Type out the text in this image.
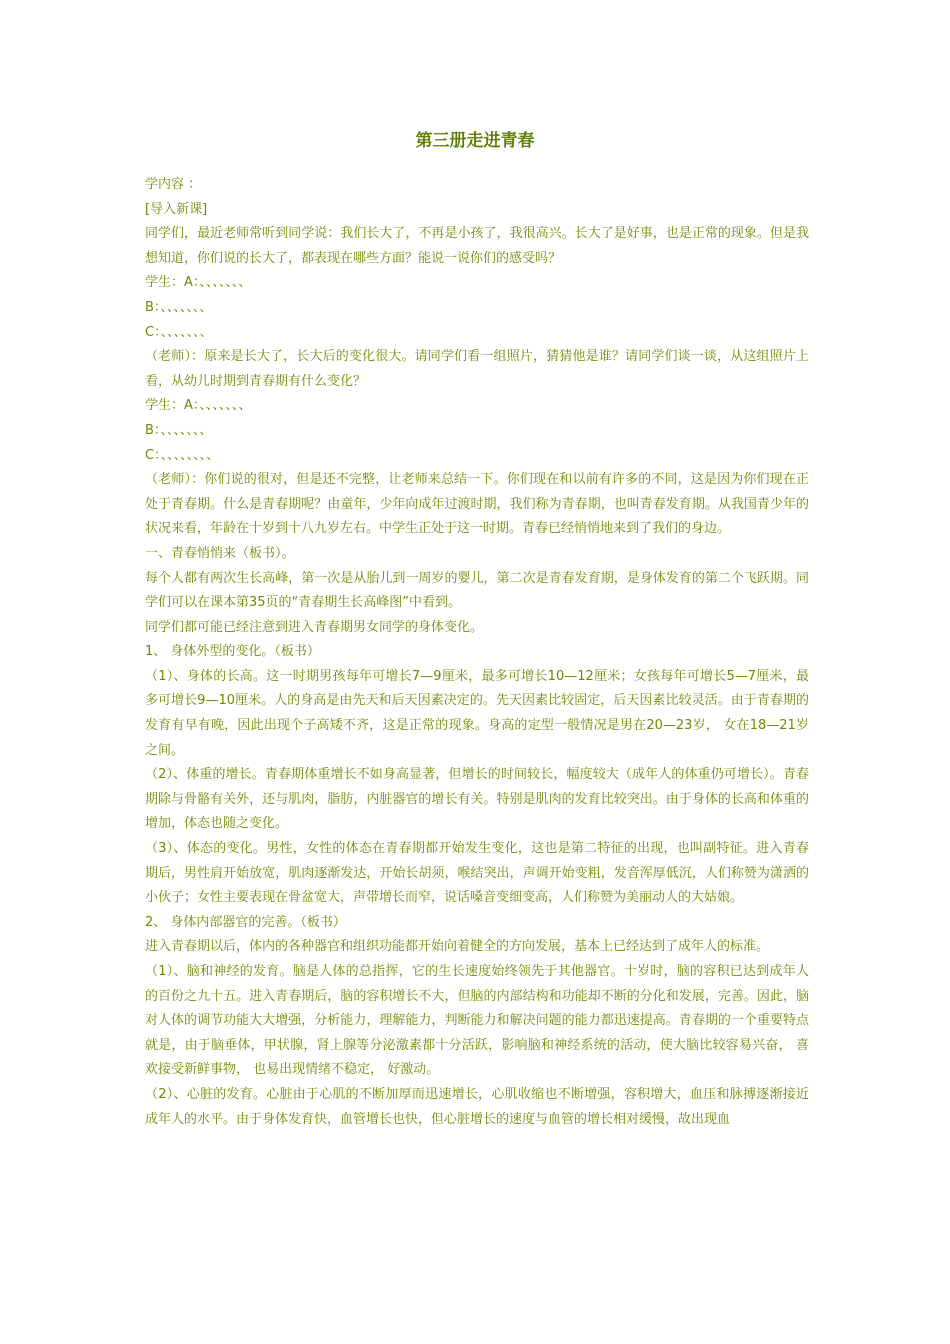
第三册走进青春

学内容 ：

[导入新课]

同学们，最近老师常听到同学说：我们长大了，不再是小孩了，我很高兴。长大了是好事，也是正常的现象。但是我想知道，你们说的长大了，都表现在哪些方面？能说一说你们的感受吗？

学生：A：、、、、、、、

B：、、、、、、、

C：、、、、、、、

（老师）：原来是长大了，长大后的变化很大。请同学们看一组照片，猜猜他是谁？请同学们谈一谈，从这组照片上看，从幼儿时期到青春期有什么变化？

学生：A：、、、、、、、

B：、、、、、、、

C：、、、、、、、、

（老师）：你们说的很对，但是还不完整，让老师来总结一下。你们现在和以前有许多的不同，这是因为你们现在正处于青春期。什么是青春期呢？由童年，少年向成年过渡时期，我们称为青春期，也叫青春发育期。从我国青少年的状况来看，年龄在十岁到十八九岁左右。中学生正处于这一时期。青春已经悄悄地来到了我们的身边。

一、青春悄悄来（板书）。

每个人都有两次生长高峰，第一次是从胎儿到一周岁的婴儿，第二次是青春发育期，是身体发育的第二个飞跃期。同学们可以在课本第35页的“青春期生长高峰图”中看到。

同学们都可能已经注意到进入青春期男女同学的身体变化。

1、 身体外型的变化。（板书）

（1）、身体的长高。这一时期男孩每年可增长7—9厘米，最多可增长10—12厘米；女孩每年可增长5—7厘米，最多可增长9—10厘米。人的身高是由先天和后天因素决定的。先天因素比较固定，后天因素比较灵活。由于青春期的发育有早有晚，因此出现个子高矮不齐，这是正常的现象。身高的定型一般情况是男在20—23岁， 女在18—21岁之间。

（2）、体重的增长。青春期体重增长不如身高显著，但增长的时间较长，幅度较大（成年人的体重仍可增长）。青春期除与骨骼有关外，还与肌肉，脂肪，内脏器官的增长有关。特别是肌肉的发育比较突出。由于身体的长高和体重的增加，体态也随之变化。

（3）、体态的变化。男性，女性的体态在青春期都开始发生变化，这也是第二特征的出现，也叫副特征。进入青春期后，男性肩开始放宽，肌肉逐渐发达，开始长胡须，喉结突出，声调开始变粗，发音浑厚低沉，人们称赞为潇洒的小伙子；女性主要表现在骨盆宽大，声带增长而窄，说话嗓音变细变高，人们称赞为美丽动人的大姑娘。

2、 身体内部器官的完善。（板书）

进入青春期以后，体内的各种器官和组织功能都开始向着健全的方向发展，基本上已经达到了成年人的标准。

（1）、脑和神经的发育。脑是人体的总指挥，它的生长速度始终领先于其他器官。十岁时，脑的容积已达到成年人的百份之九十五。进入青春期后，脑的容积增长不大，但脑的内部结构和功能却不断的分化和发展，完善。因此，脑对人体的调节功能大大增强，分析能力，理解能力，判断能力和解决问题的能力都迅速提高。青春期的一个重要特点就是，由于脑垂体，甲状腺，肾上腺等分泌激素都十分活跃，影响脑和神经系统的活动，使大脑比较容易兴奋， 喜欢接受新鲜事物， 也易出现情绪不稳定， 好激动。

（2）、心脏的发育。心脏由于心肌的不断加厚而迅速增长，心肌收缩也不断增强，容积增大，血压和脉搏逐渐接近成年人的水平。由于身体发育快，血管增长也快，但心脏增长的速度与血管的增长相对缓慢，故出现血
